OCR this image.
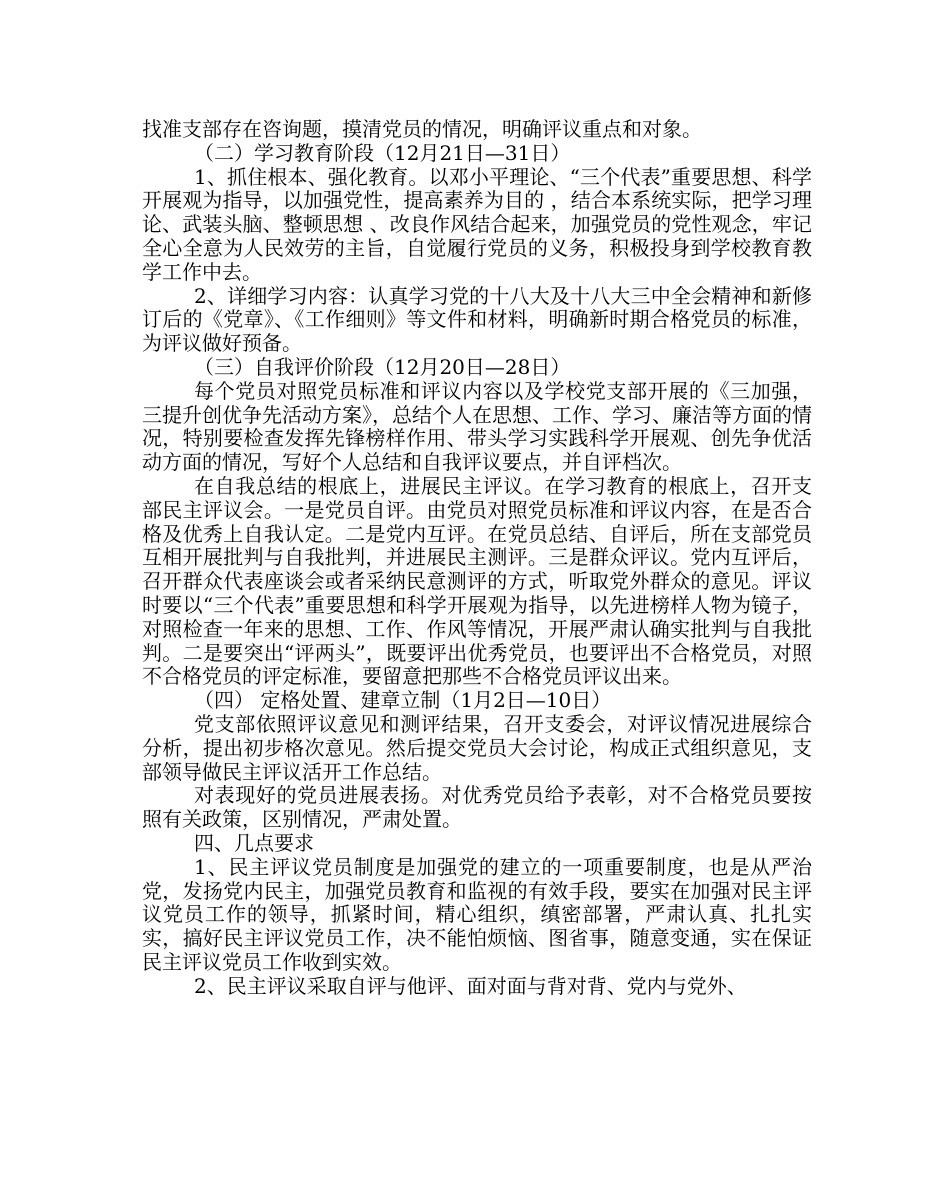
找准支部存在咨询题，摸清党员的情况，明确评议重点和对象。

（二）学习教育阶段（12月21日—31日）

1、抓住根本、强化教育。以邓小平理论、“三个代表”重要思想、科学开展观为指导，以加强党性，提高素养为目的 ，结合本系统实际，把学习理论、武装头脑、整顿思想 、改良作风结合起来，加强党员的党性观念，牢记全心全意为人民效劳的主旨，自觉履行党员的义务，积极投身到学校教育教学工作中去。

2、详细学习内容：认真学习党的十八大及十八大三中全会精神和新修订后的《党章》、《工作细则》等文件和材料，明确新时期合格党员的标准，为评议做好预备。

（三）自我评价阶段（12月20日—28日）

每个党员对照党员标准和评议内容以及学校党支部开展的《三加强，三提升创优争先活动方案》，总结个人在思想、工作、学习、廉洁等方面的情况，特别要检查发挥先锋榜样作用、带头学习实践科学开展观、创先争优活动方面的情况，写好个人总结和自我评议要点，并自评档次。

在自我总结的根底上，进展民主评议。在学习教育的根底上，召开支部民主评议会。一是党员自评。由党员对照党员标准和评议内容，在是否合格及优秀上自我认定。二是党内互评。在党员总结、自评后，所在支部党员互相开展批判与自我批判，并进展民主测评。三是群众评议。党内互评后，召开群众代表座谈会或者采纳民意测评的方式，听取党外群众的意见。评议时要以“三个代表”重要思想和科学开展观为指导，以先进榜样人物为镜子，对照检查一年来的思想、工作、作风等情况，开展严肃认确实批判与自我批判。二是要突出“评两头”，既要评出优秀党员，也要评出不合格党员，对照不合格党员的评定标准，要留意把那些不合格党员评议出来。

（四） 定格处置、建章立制（1月2日—10日）

党支部依照评议意见和测评结果，召开支委会，对评议情况进展综合分析，提出初步格次意见。然后提交党员大会讨论，构成正式组织意见，支部领导做民主评议活开工作总结。

对表现好的党员进展表扬。对优秀党员给予表彰，对不合格党员要按照有关政策，区别情况，严肃处置。

四、几点要求

1、民主评议党员制度是加强党的建立的一项重要制度，也是从严治党，发扬党内民主，加强党员教育和监视的有效手段，要实在加强对民主评议党员工作的领导，抓紧时间，精心组织，缜密部署，严肃认真、扎扎实实，搞好民主评议党员工作，决不能怕烦恼、图省事，随意变通，实在保证民主评议党员工作收到实效。

2、民主评议采取自评与他评、面对面与背对背、党内与党外、
